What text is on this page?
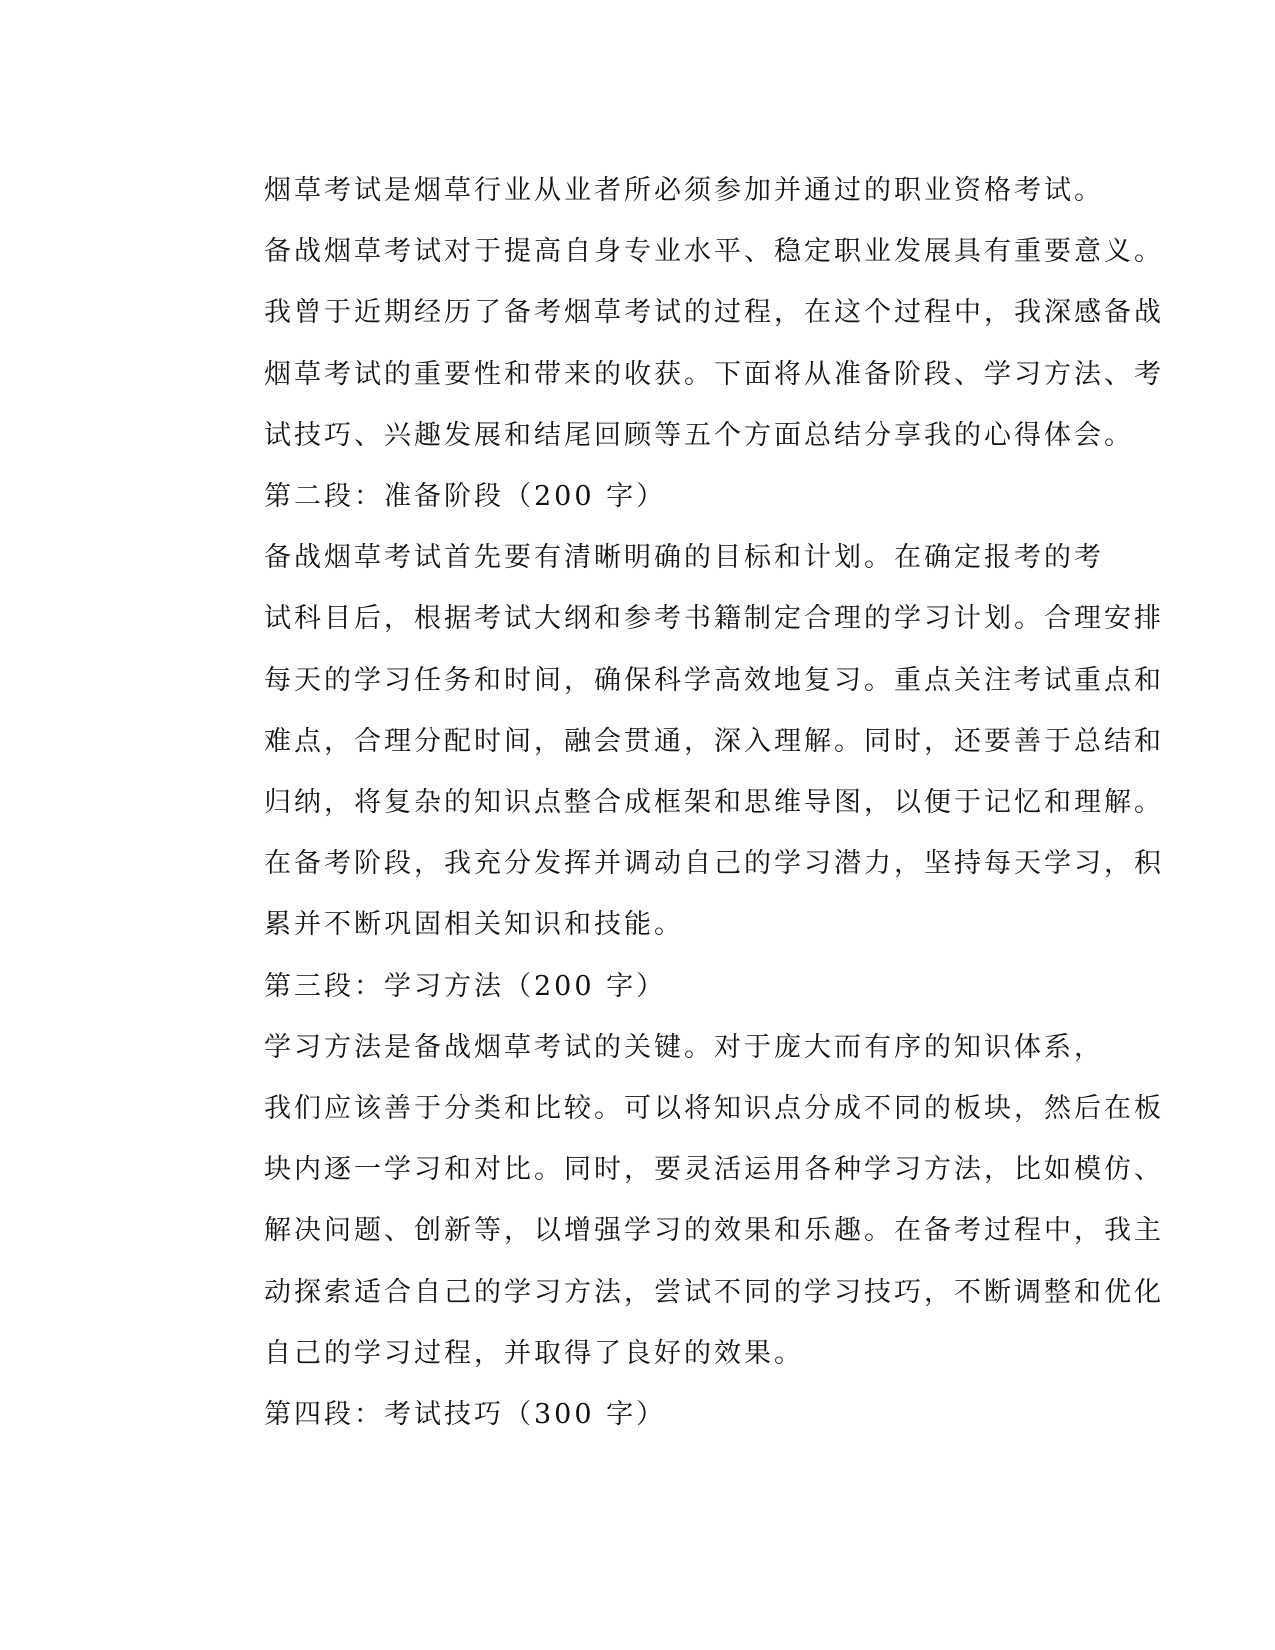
烟草考试是烟草行业从业者所必须参加并通过的职业资格考试。
备战烟草考试对于提高自身专业水平、稳定职业发展具有重要意义。
我曾于近期经历了备考烟草考试的过程，在这个过程中，我深感备战
烟草考试的重要性和带来的收获。下面将从准备阶段、学习方法、考
试技巧、兴趣发展和结尾回顾等五个方面总结分享我的心得体会。

第二段：准备阶段（200 字）

备战烟草考试首先要有清晰明确的目标和计划。在确定报考的考
试科目后，根据考试大纲和参考书籍制定合理的学习计划。合理安排
每天的学习任务和时间，确保科学高效地复习。重点关注考试重点和
难点，合理分配时间，融会贯通，深入理解。同时，还要善于总结和
归纳，将复杂的知识点整合成框架和思维导图，以便于记忆和理解。
在备考阶段，我充分发挥并调动自己的学习潜力，坚持每天学习，积
累并不断巩固相关知识和技能。

第三段：学习方法（200 字）

学习方法是备战烟草考试的关键。对于庞大而有序的知识体系，
我们应该善于分类和比较。可以将知识点分成不同的板块，然后在板
块内逐一学习和对比。同时，要灵活运用各种学习方法，比如模仿、
解决问题、创新等，以增强学习的效果和乐趣。在备考过程中，我主
动探索适合自己的学习方法，尝试不同的学习技巧，不断调整和优化
自己的学习过程，并取得了良好的效果。

第四段：考试技巧（300 字）
